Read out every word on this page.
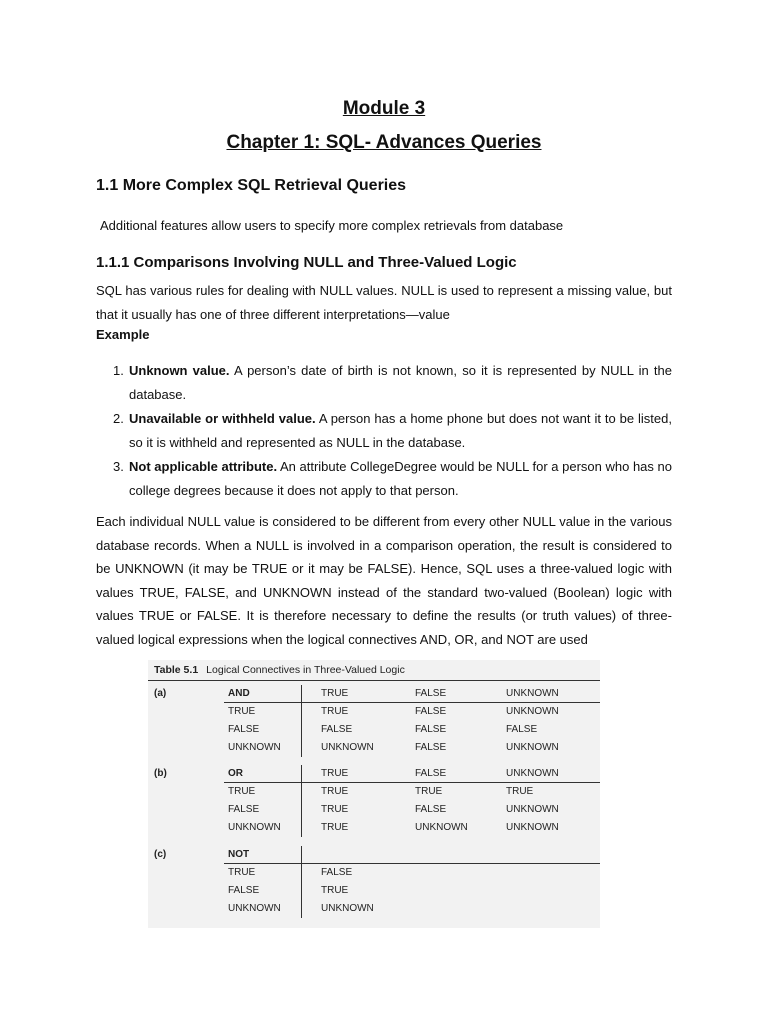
Module 3
Chapter 1: SQL- Advances Queries
1.1 More Complex SQL Retrieval Queries
Additional features allow users to specify more complex retrievals from database
1.1.1 Comparisons Involving NULL and Three-Valued Logic
SQL has various rules for dealing with NULL values. NULL is used to represent a missing value, but that it usually has one of three different interpretations—value
Example
1. Unknown value. A person’s date of birth is not known, so it is represented by NULL in the database.
2. Unavailable or withheld value. A person has a home phone but does not want it to be listed, so it is withheld and represented as NULL in the database.
3. Not applicable attribute. An attribute CollegeDegree would be NULL for a person who has no college degrees because it does not apply to that person.
Each individual NULL value is considered to be different from every other NULL value in the various database records. When a NULL is involved in a comparison operation, the result is considered to be UNKNOWN (it may be TRUE or it may be FALSE). Hence, SQL uses a three-valued logic with values TRUE, FALSE, and UNKNOWN instead of the standard two-valued (Boolean) logic with values TRUE or FALSE. It is therefore necessary to define the results (or truth values) of three-valued logical expressions when the logical connectives AND, OR, and NOT are used
Table 5.1 Logical Connectives in Three-Valued Logic
(a)	AND	TRUE	FALSE	UNKNOWN
TRUE	TRUE	FALSE	UNKNOWN
FALSE	FALSE	FALSE	FALSE
UNKNOWN	UNKNOWN	FALSE	UNKNOWN
(b)	OR	TRUE	FALSE	UNKNOWN
TRUE	TRUE	TRUE	TRUE
FALSE	TRUE	FALSE	UNKNOWN
UNKNOWN	TRUE	UNKNOWN	UNKNOWN
(c)	NOT
TRUE	FALSE
FALSE	TRUE
UNKNOWN	UNKNOWN
